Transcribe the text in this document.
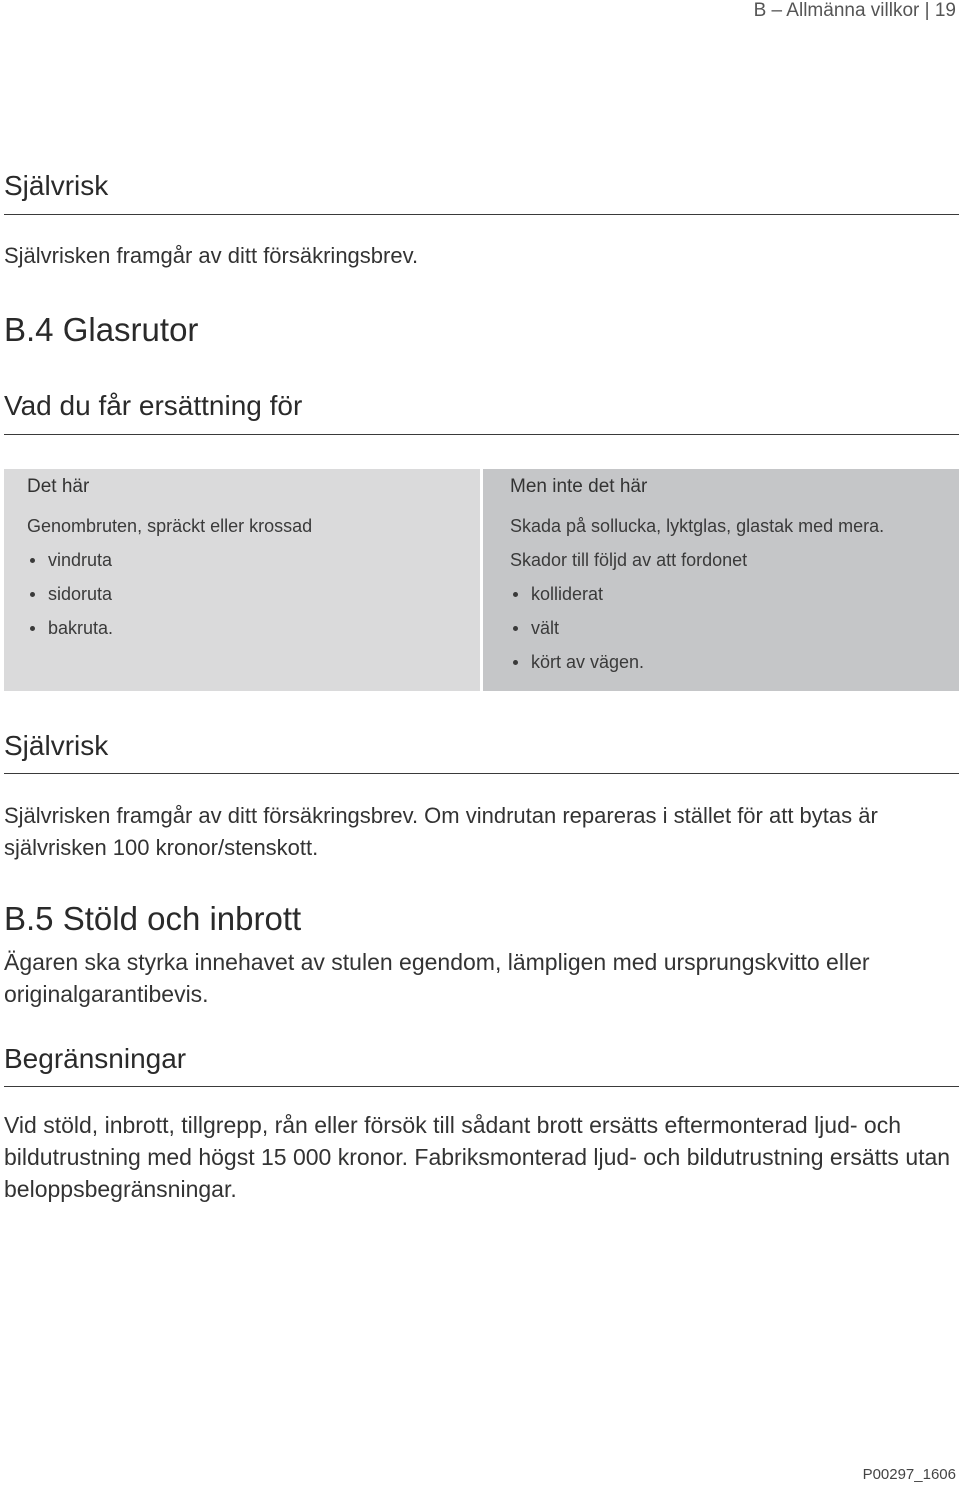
B – Allmänna villkor | 19
Självrisk
Självrisken framgår av ditt försäkringsbrev.
B.4 Glasrutor
Vad du får ersättning för
Det här
Genombruten, spräckt eller krossad
vindruta
sidoruta
bakruta.
Men inte det här
Skada på sollucka, lyktglas, glastak med mera.
Skador till följd av att fordonet
kolliderat
vält
kört av vägen.
Självrisk
Självrisken framgår av ditt försäkringsbrev. Om vindrutan repareras i stället för att bytas är självrisken 100 kronor/stenskott.
B.5 Stöld och inbrott
Ägaren ska styrka innehavet av stulen egendom, lämpligen med ursprungskvitto eller originalgarantibevis.
Begränsningar
Vid stöld, inbrott, tillgrepp, rån eller försök till sådant brott ersätts eftermonterad ljud- och bildutrustning med högst 15 000 kronor. Fabriksmonterad ljud- och bildutrustning ersätts utan beloppsbegränsningar.
P00297_1606
